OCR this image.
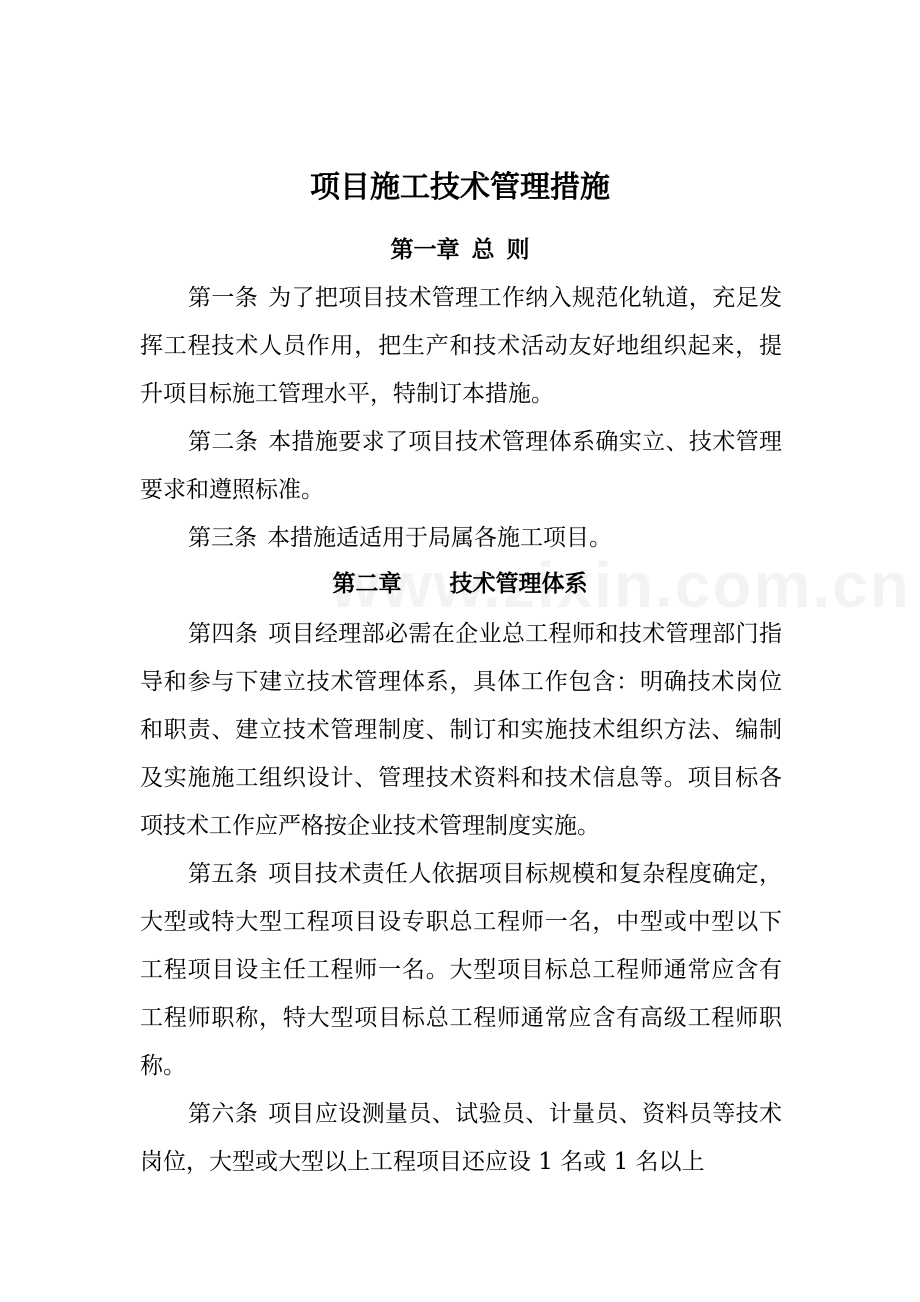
项目施工技术管理措施
第一章 总 则

第一条 为了把项目技术管理工作纳入规范化轨道，充足发挥工程技术人员作用，把生产和技术活动友好地组织起来，提升项目标施工管理水平，特制订本措施。

第二条 本措施要求了项目技术管理体系确实立、技术管理要求和遵照标准。

第三条 本措施适适用于局属各施工项目。

第二章 技术管理体系

第四条 项目经理部必需在企业总工程师和技术管理部门指导和参与下建立技术管理体系，具体工作包含：明确技术岗位和职责、建立技术管理制度、制订和实施技术组织方法、编制及实施施工组织设计、管理技术资料和技术信息等。项目标各项技术工作应严格按企业技术管理制度实施。

第五条 项目技术责任人依据项目标规模和复杂程度确定，大型或特大型工程项目设专职总工程师一名，中型或中型以下工程项目设主任工程师一名。大型项目标总工程师通常应含有工程师职称，特大型项目标总工程师通常应含有高级工程师职称。

第六条 项目应设测量员、试验员、计量员、资料员等技术岗位，大型或大型以上工程项目还应设 1 名或 1 名以上
